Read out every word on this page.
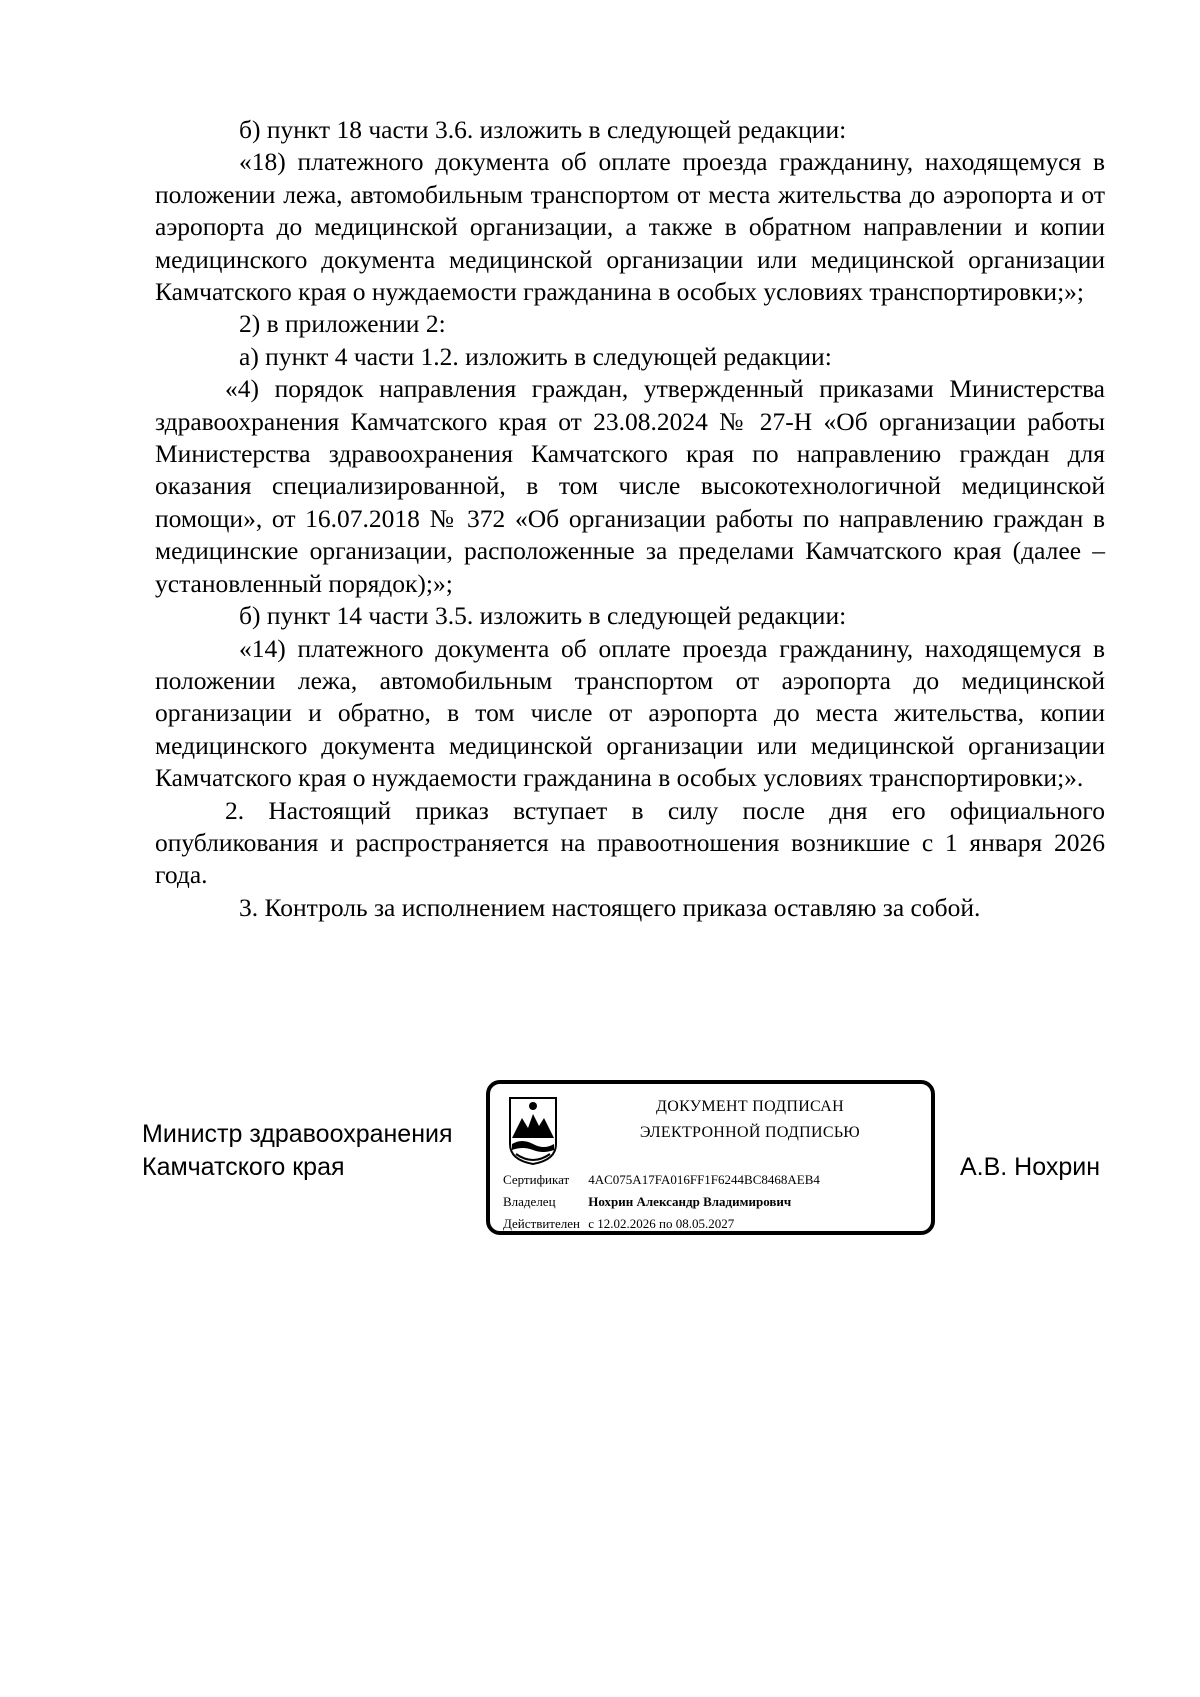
б) пункт 18 части 3.6. изложить в следующей редакции:

«18) платежного документа об оплате проезда гражданину, находящемуся в положении лежа, автомобильным транспортом от места жительства до аэропорта и от аэропорта до медицинской организации, а также в обратном направлении и копии медицинского документа медицинской организации или медицинской организации Камчатского края о нуждаемости гражданина в особых условиях транспортировки;»;

2) в приложении 2:

а) пункт 4 части 1.2. изложить в следующей редакции:

«4) порядок направления граждан, утвержденный приказами Министерства здравоохранения Камчатского края от 23.08.2024 № 27-Н «Об организации работы Министерства здравоохранения Камчатского края по направлению граждан для оказания специализированной, в том числе высокотехнологичной медицинской помощи», от 16.07.2018 № 372 «Об организации работы по направлению граждан в медицинские организации, расположенные за пределами Камчатского края (далее – установленный порядок);»;

б) пункт 14 части 3.5. изложить в следующей редакции:

«14) платежного документа об оплате проезда гражданину, находящемуся в положении лежа, автомобильным транспортом от аэропорта до медицинской организации и обратно, в том числе от аэропорта до места жительства, копии медицинского документа медицинской организации или медицинской организации Камчатского края о нуждаемости гражданина в особых условиях транспортировки;».

2. Настоящий приказ вступает в силу после дня его официального опубликования и распространяется на правоотношения возникшие с 1 января 2026 года.

3. Контроль за исполнением настоящего приказа оставляю за собой.

Министр здравоохранения
Камчатского края
ДОКУМЕНТ ПОДПИСАН
ЭЛЕКТРОННОЙ ПОДПИСЬЮ
Сертификат 4AC075A17FA016FF1F6244BC8468AEB4
Владелец	Нохрин Александр Владимирович
Действителен с 12.02.2026 по 08.05.2027
А.В. Нохрин
